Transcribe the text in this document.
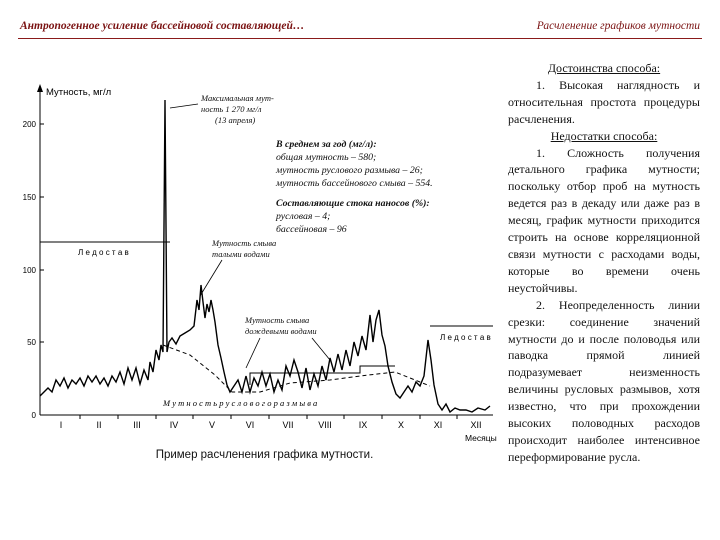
Антропогенное усиление бассейновой составляющей…	Расчленение графиков мутности
Мутность, мг/л
200
150
100
50
0
I	II	III	IV	V	VI	VII	VIII	IX	X	XI	XII
Месяцы
Л е д о с т а в
Л е д о с т а в
Максимальная мут-
ность 1 270 мг/л
(13 апреля)
В среднем за год (мг/л):
общая мутность – 580;
мутность руслового размыва – 26;
мутность бассейнового смыва – 554.
Составляющие стока наносов (%):
русловая – 4;
бассейновая – 96
Мутность смыва
талыми водами
Мутность смыва
дождевыми водами
М у т н о с т ь р у с л о в о г о р а з м ы в а
Пример расчленения графика мутности.

Достоинства способа:

1. Высокая наглядность и относительная простота процедуры расчленения.

Недостатки способа:

1. Сложность получения детального графика мутности; поскольку отбор проб на мутность ведется раз в декаду или даже раз в месяц, график мутности приходится строить на основе корреляционной связи мутности с расходами воды, которые во времени очень неустойчивы.

2. Неопределенность линии срезки: соединение значений мутности до и после половодья или паводка прямой линией подразумевает неизменность величины русловых размывов, хотя известно, что при прохождении высоких половодных расходов происходит наиболее интенсивное переформирование русла.
